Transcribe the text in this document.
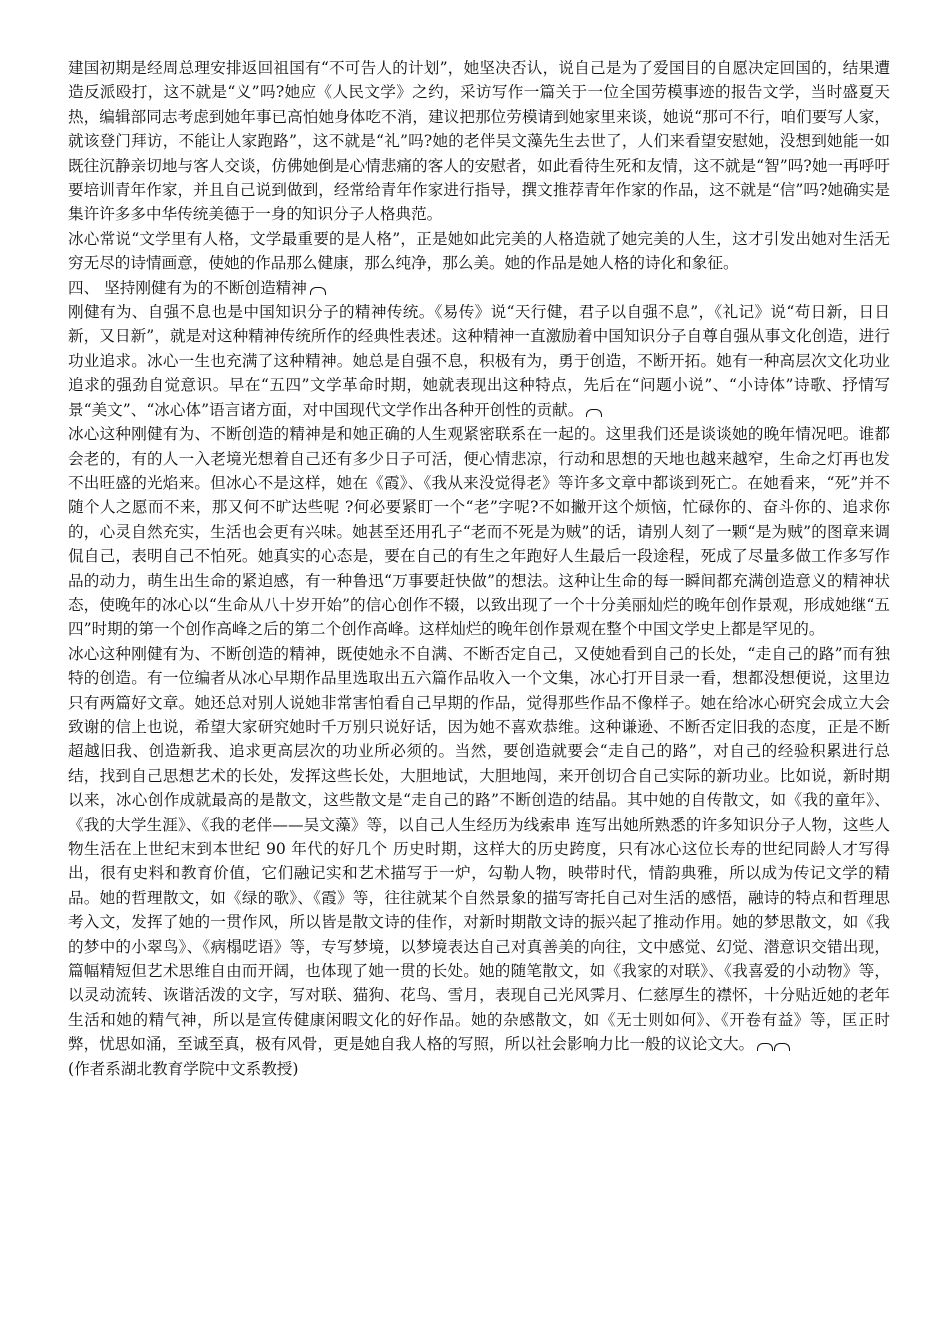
建国初期是经周总理安排返回祖国有“不可告人的计划”，她坚决否认，说自己是为了爱国目的自愿决定回国的，结果遭造反派殴打，这不就是“义”吗?她应《人民文学》之约，采访写作一篇关于一位全国劳模事迹的报告文学，当时盛夏天热，编辑部同志考虑到她年事已高怕她身体吃不消，建议把那位劳模请到她家里来谈，她说“那可不行，咱们要写人家，就该登门拜访，不能让人家跑路”，这不就是“礼”吗?她的老伴吴文藻先生去世了，人们来看望安慰她，没想到她能一如既往沉静亲切地与客人交谈，仿佛她倒是心情悲痛的客人的安慰者，如此看待生死和友情，这不就是“智”吗?她一再呼吁要培训青年作家，并且自己说到做到，经常给青年作家进行指导，撰文推荐青年作家的作品，这不就是“信”吗?她确实是集许许多多中华传统美德于一身的知识分子人格典范。

冰心常说“文学里有人格，文学最重要的是人格”，正是她如此完美的人格造就了她完美的人生，这才引发出她对生活无穷无尽的诗情画意，使她的作品那么健康，那么纯净，那么美。她的作品是她人格的诗化和象征。

四、 坚持刚健有为的不断创造精神

刚健有为、自强不息也是中国知识分子的精神传统。《易传》说“天行健，君子以自强不息”，《礼记》说“苟日新，日日新，又日新”，就是对这种精神传统所作的经典性表述。这种精神一直激励着中国知识分子自尊自强从事文化创造，进行功业追求。冰心一生也充满了这种精神。她总是自强不息，积极有为，勇于创造，不断开拓。她有一种高层次文化功业追求的强劲自觉意识。早在“五四”文学革命时期，她就表现出这种特点，先后在“问题小说”、“小诗体”诗歌、抒情写景“美文”、“冰心体”语言诸方面，对中国现代文学作出各种开创性的贡献。

冰心这种刚健有为、不断创造的精神是和她正确的人生观紧密联系在一起的。这里我们还是谈谈她的晚年情况吧。谁都会老的，有的人一入老境光想着自己还有多少日子可活，便心情悲凉，行动和思想的天地也越来越窄，生命之灯再也发不出旺盛的光焰来。但冰心不是这样，她在《霞》、《我从来没觉得老》等许多文章中都谈到死亡。在她看来，“死”并不随个人之愿而不来，那又何不旷达些呢 ?何必要紧盯一个“老”字呢?不如撇开这个烦恼，忙碌你的、奋斗你的、追求你的，心灵自然充实，生活也会更有兴味。她甚至还用孔子“老而不死是为贼”的话，请别人刻了一颗“是为贼”的图章来调侃自己，表明自己不怕死。她真实的心态是，要在自己的有生之年跑好人生最后一段途程，死成了尽量多做工作多写作品的动力，萌生出生命的紧迫感，有一种鲁迅“万事要赶快做”的想法。这种让生命的每一瞬间都充满创造意义的精神状态，使晚年的冰心以“生命从八十岁开始”的信心创作不辍，以致出现了一个十分美丽灿烂的晚年创作景观，形成她继“五四”时期的第一个创作高峰之后的第二个创作高峰。这样灿烂的晚年创作景观在整个中国文学史上都是罕见的。

冰心这种刚健有为、不断创造的精神，既使她永不自满、不断否定自己，又使她看到自己的长处，“走自己的路”而有独特的创造。有一位编者从冰心早期作品里选取出五六篇作品收入一个文集，冰心打开目录一看，想都没想便说，这里边只有两篇好文章。她还总对别人说她非常害怕看自己早期的作品，觉得那些作品不像样子。她在给冰心研究会成立大会致谢的信上也说，希望大家研究她时千万别只说好话，因为她不喜欢恭维。这种谦逊、不断否定旧我的态度，正是不断超越旧我、创造新我、追求更高层次的功业所必须的。当然，要创造就要会“走自己的路”，对自己的经验积累进行总结，找到自己思想艺术的长处，发挥这些长处，大胆地试，大胆地闯，来开创切合自己实际的新功业。比如说，新时期以来，冰心创作成就最高的是散文，这些散文是“走自己的路”不断创造的结晶。其中她的自传散文，如《我的童年》、《我的大学生涯》、《我的老伴——吴文藻》等，以自己人生经历为线索串 连写出她所熟悉的许多知识分子人物，这些人物生活在上世纪末到本世纪 90 年代的好几个 历史时期，这样大的历史跨度，只有冰心这位长寿的世纪同龄人才写得出，很有史料和教育价值，它们融记实和艺术描写于一炉，勾勒人物，映带时代，情韵典雅，所以成为传记文学的精品。她的哲理散文，如《绿的歌》、《霞》等，往往就某个自然景象的描写寄托自己对生活的感悟，融诗的特点和哲理思考入文，发挥了她的一贯作风，所以皆是散文诗的佳作，对新时期散文诗的振兴起了推动作用。她的梦思散文，如《我的梦中的小翠鸟》、《病榻呓语》等，专写梦境，以梦境表达自己对真善美的向往，文中感觉、幻觉、潜意识交错出现，篇幅精短但艺术思维自由而开阔，也体现了她一贯的长处。她的随笔散文，如《我家的对联》、《我喜爱的小动物》等，以灵动流转、诙谐活泼的文字，写对联、猫狗、花鸟、雪月，表现自己光风霁月、仁慈厚生的襟怀，十分贴近她的老年生活和她的精气神，所以是宣传健康闲暇文化的好作品。她的杂感散文，如《无士则如何》、《开卷有益》等，匡正时弊，忧思如涌，至诚至真，极有风骨，更是她自我人格的写照，所以社会影响力比一般的议论文大。

(作者系湖北教育学院中文系教授)
